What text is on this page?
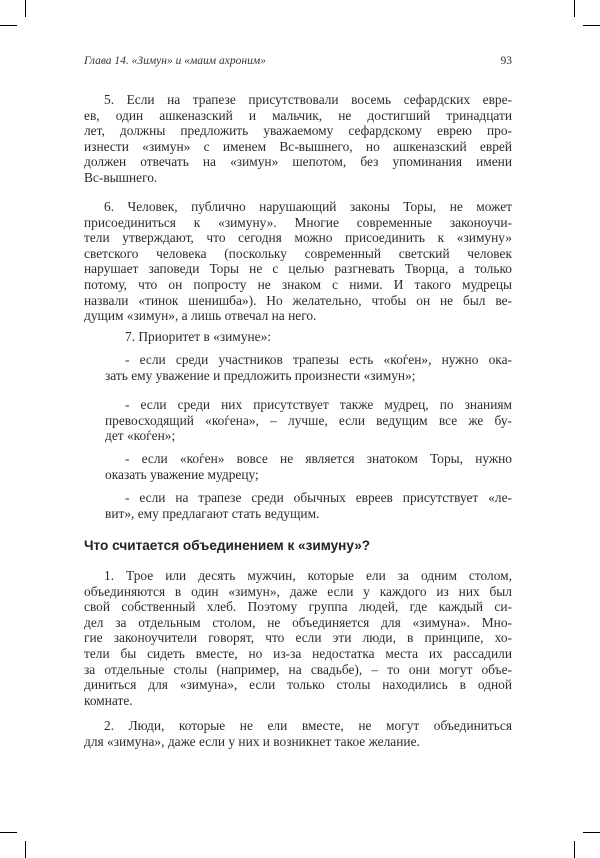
Глава 14. «Зимун» и «маим ахроним»	93
5. Если на трапезе присутствовали восемь сефардских евре-
ев, один ашкеназский и мальчик, не достигший тринадцати
лет, должны предложить уважаемому сефардскому еврею про-
изнести «зимун» с именем Вс-вышнего, но ашкеназский еврей
должен отвечать на «зимун» шепотом, без упоминания имени
Вс-вышнего.
6. Человек, публично нарушающий законы Торы, не может
присоединиться к «зимуну». Многие современные законоучи-
тели утверждают, что сегодня можно присоединить к «зимуну»
светского человека (поскольку современный светский человек
нарушает заповеди Торы не с целью разгневать Творца, а только
потому, что он попросту не знаком с ними. И такого мудрецы
назвали «тинок шенишба»). Но желательно, чтобы он не был ве-
дущим «зимун», а лишь отвечал на него.
7. Приоритет в «зимуне»:
- если среди участников трапезы есть «коѓен», нужно ока-
зать ему уважение и предложить произнести «зимун»;
- если среди них присутствует также мудрец, по знаниям
превосходящий «коѓена», – лучше, если ведущим все же бу-
дет «коѓен»;
- если «коѓен» вовсе не является знатоком Торы, нужно
оказать уважение мудрецу;
- если на трапезе среди обычных евреев присутствует «ле-
вит», ему предлагают стать ведущим.
Что считается объединением к «зимуну»?
1. Трое или десять мужчин, которые ели за одним столом,
объединяются в один «зимун», даже если у каждого из них был
свой собственный хлеб. Поэтому группа людей, где каждый си-
дел за отдельным столом, не объединяется для «зимуна». Мно-
гие законоучители говорят, что если эти люди, в принципе, хо-
тели бы сидеть вместе, но из-за недостатка места их рассадили
за отдельные столы (например, на свадьбе), – то они могут объе-
диниться для «зимуна», если только столы находились в одной
комнате.
2. Люди, которые не ели вместе, не могут объединиться
для «зимуна», даже если у них и возникнет такое желание.
